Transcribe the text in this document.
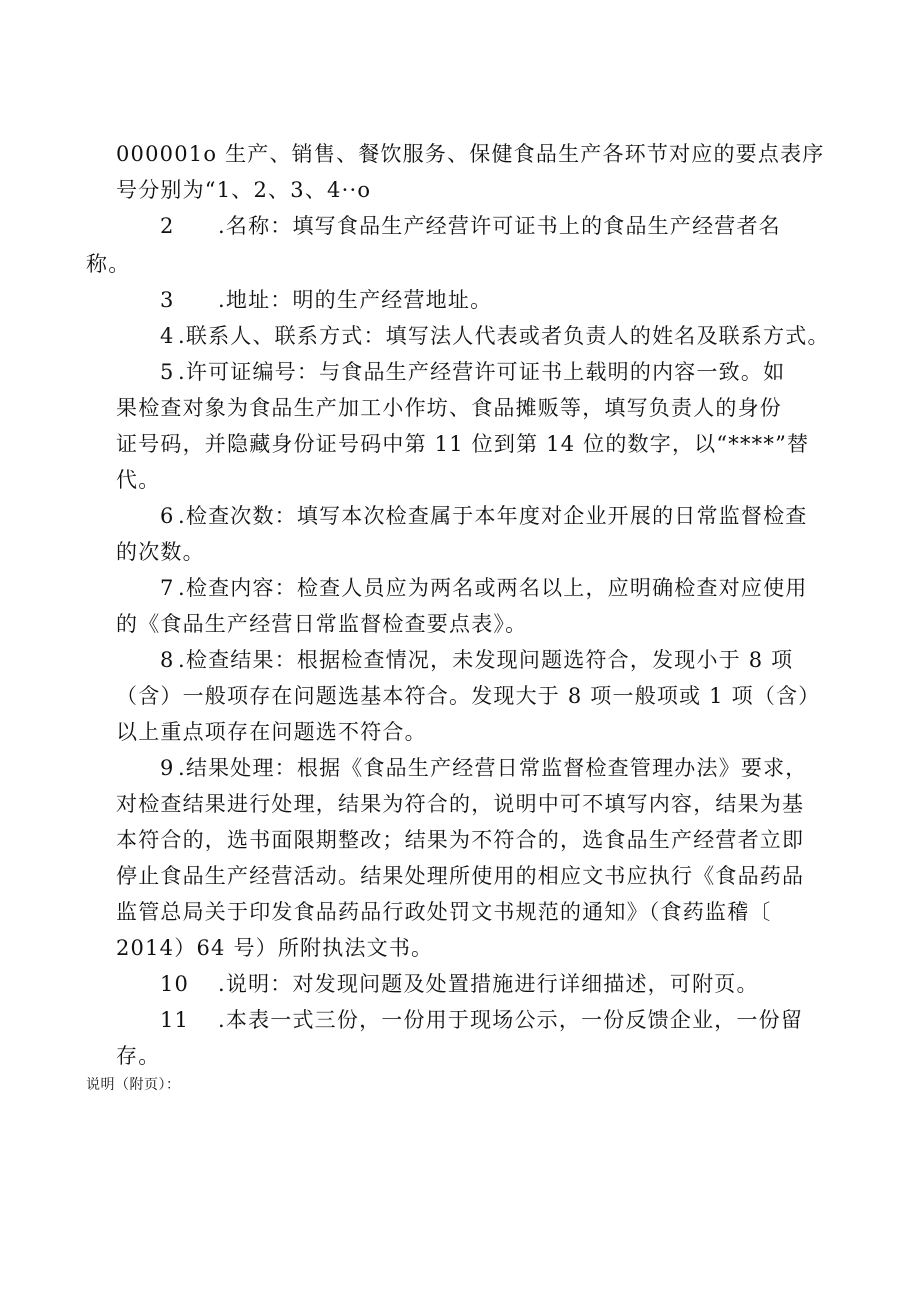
000001o 生产、销售、餐饮服务、保健食品生产各环节对应的要点表序
号分别为“1、2、3、4··o
2 .名称：填写食品生产经营许可证书上的食品生产经营者名
称。
3 .地址：明的生产经营地址。
4 .联系人、联系方式：填写法人代表或者负责人的姓名及联系方式。
5 .许可证编号：与食品生产经营许可证书上载明的内容一致。如
果检查对象为食品生产加工小作坊、食品摊贩等，填写负责人的身份
证号码，并隐藏身份证号码中第 11 位到第 14 位的数字，以“****”替
代。
6 .检查次数：填写本次检查属于本年度对企业开展的日常监督检查
的次数。
7 .检查内容：检查人员应为两名或两名以上，应明确检查对应使用
的《食品生产经营日常监督检查要点表》。
8 .检查结果：根据检查情况，未发现问题选符合，发现小于 8 项
（含）一般项存在问题选基本符合。发现大于 8 项一般项或 1 项（含）
以上重点项存在问题选不符合。
9 .结果处理：根据《食品生产经营日常监督检查管理办法》要求，
对检查结果进行处理，结果为符合的，说明中可不填写内容，结果为基
本符合的，选书面限期整改；结果为不符合的，选食品生产经营者立即
停止食品生产经营活动。结果处理所使用的相应文书应执行《食品药品
监管总局关于印发食品药品行政处罚文书规范的通知》（食药监稽〔
2014）64 号）所附执法文书。
10 .说明：对发现问题及处置措施进行详细描述，可附页。
11 .本表一式三份，一份用于现场公示，一份反馈企业，一份留
存。
说明（附页）：
